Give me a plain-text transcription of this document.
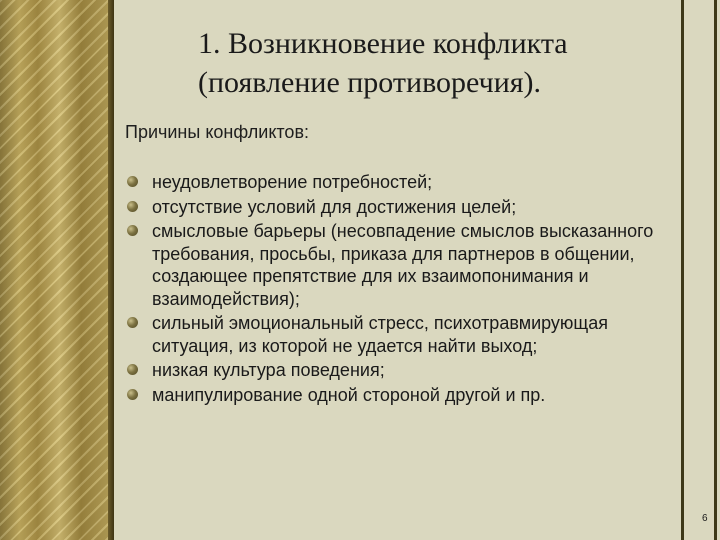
1. Возникновение конфликта
(появление противоречия).
Причины конфликтов:
неудовлетворение потребностей;
отсутствие условий для достижения целей;
смысловые барьеры (несовпадение смыслов высказанного требования, просьбы, приказа для партнеров в общении, создающее препятствие для их взаимопонимания и взаимодействия);
сильный эмоциональный стресс, психотравмирующая ситуация, из которой не удается найти выход;
низкая культура поведения;
манипулирование одной стороной другой и пр.
6
